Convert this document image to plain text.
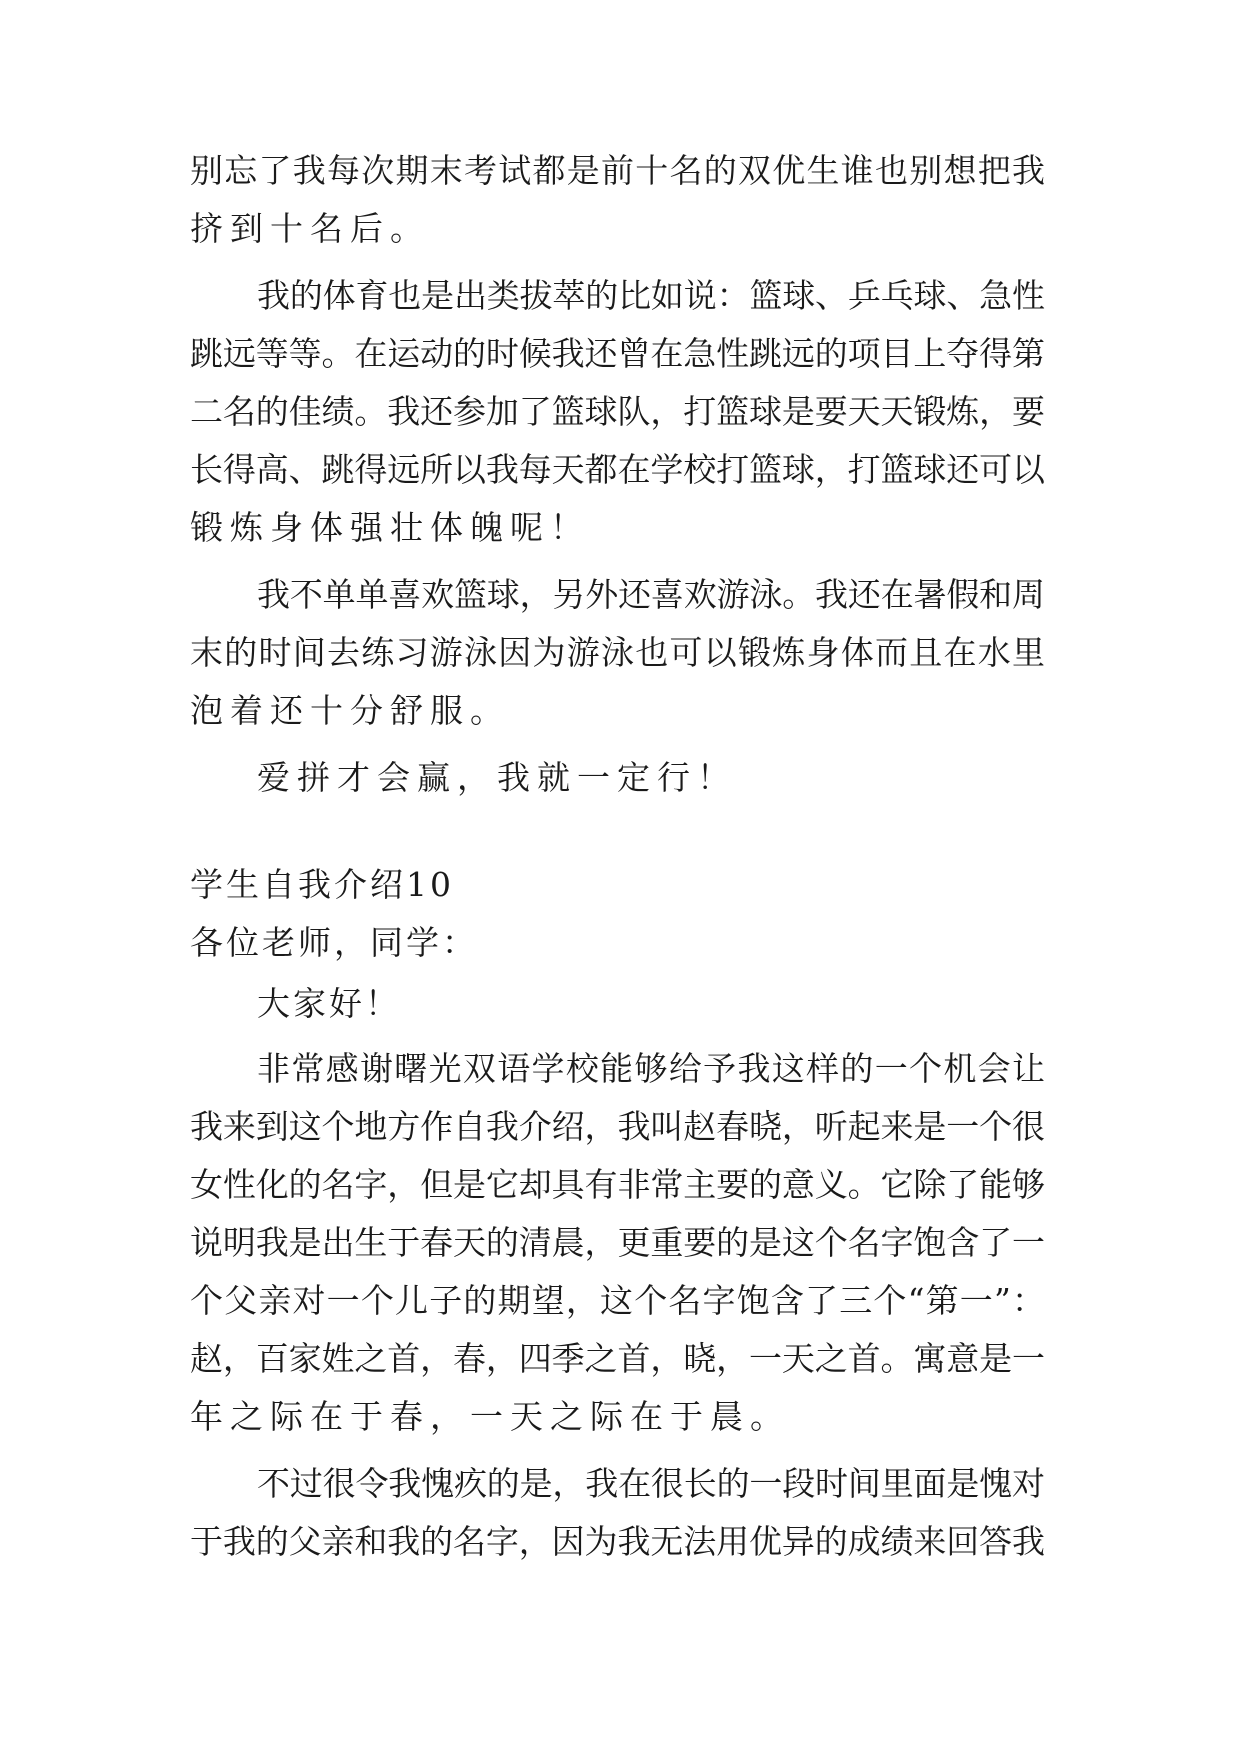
别忘了我每次期末考试都是前十名的双优生谁也别想把我
挤到十名后。
我的体育也是出类拔萃的比如说：篮球、乒乓球、急性
跳远等等。在运动的时候我还曾在急性跳远的项目上夺得第
二名的佳绩。我还参加了篮球队，打篮球是要天天锻炼，要
长得高、跳得远所以我每天都在学校打篮球，打篮球还可以
锻炼身体强壮体魄呢！
我不单单喜欢篮球，另外还喜欢游泳。我还在暑假和周
末的时间去练习游泳因为游泳也可以锻炼身体而且在水里
泡着还十分舒服。
爱拼才会赢，我就一定行！
学生自我介绍10
各位老师，同学：
大家好！
非常感谢曙光双语学校能够给予我这样的一个机会让
我来到这个地方作自我介绍，我叫赵春晓，听起来是一个很
女性化的名字，但是它却具有非常主要的意义。它除了能够
说明我是出生于春天的清晨，更重要的是这个名字饱含了一
个父亲对一个儿子的期望，这个名字饱含了三个“第一”：
赵，百家姓之首，春，四季之首，晓，一天之首。寓意是一
年之际在于春，一天之际在于晨。
不过很令我愧疚的是，我在很长的一段时间里面是愧对
于我的父亲和我的名字，因为我无法用优异的成绩来回答我
